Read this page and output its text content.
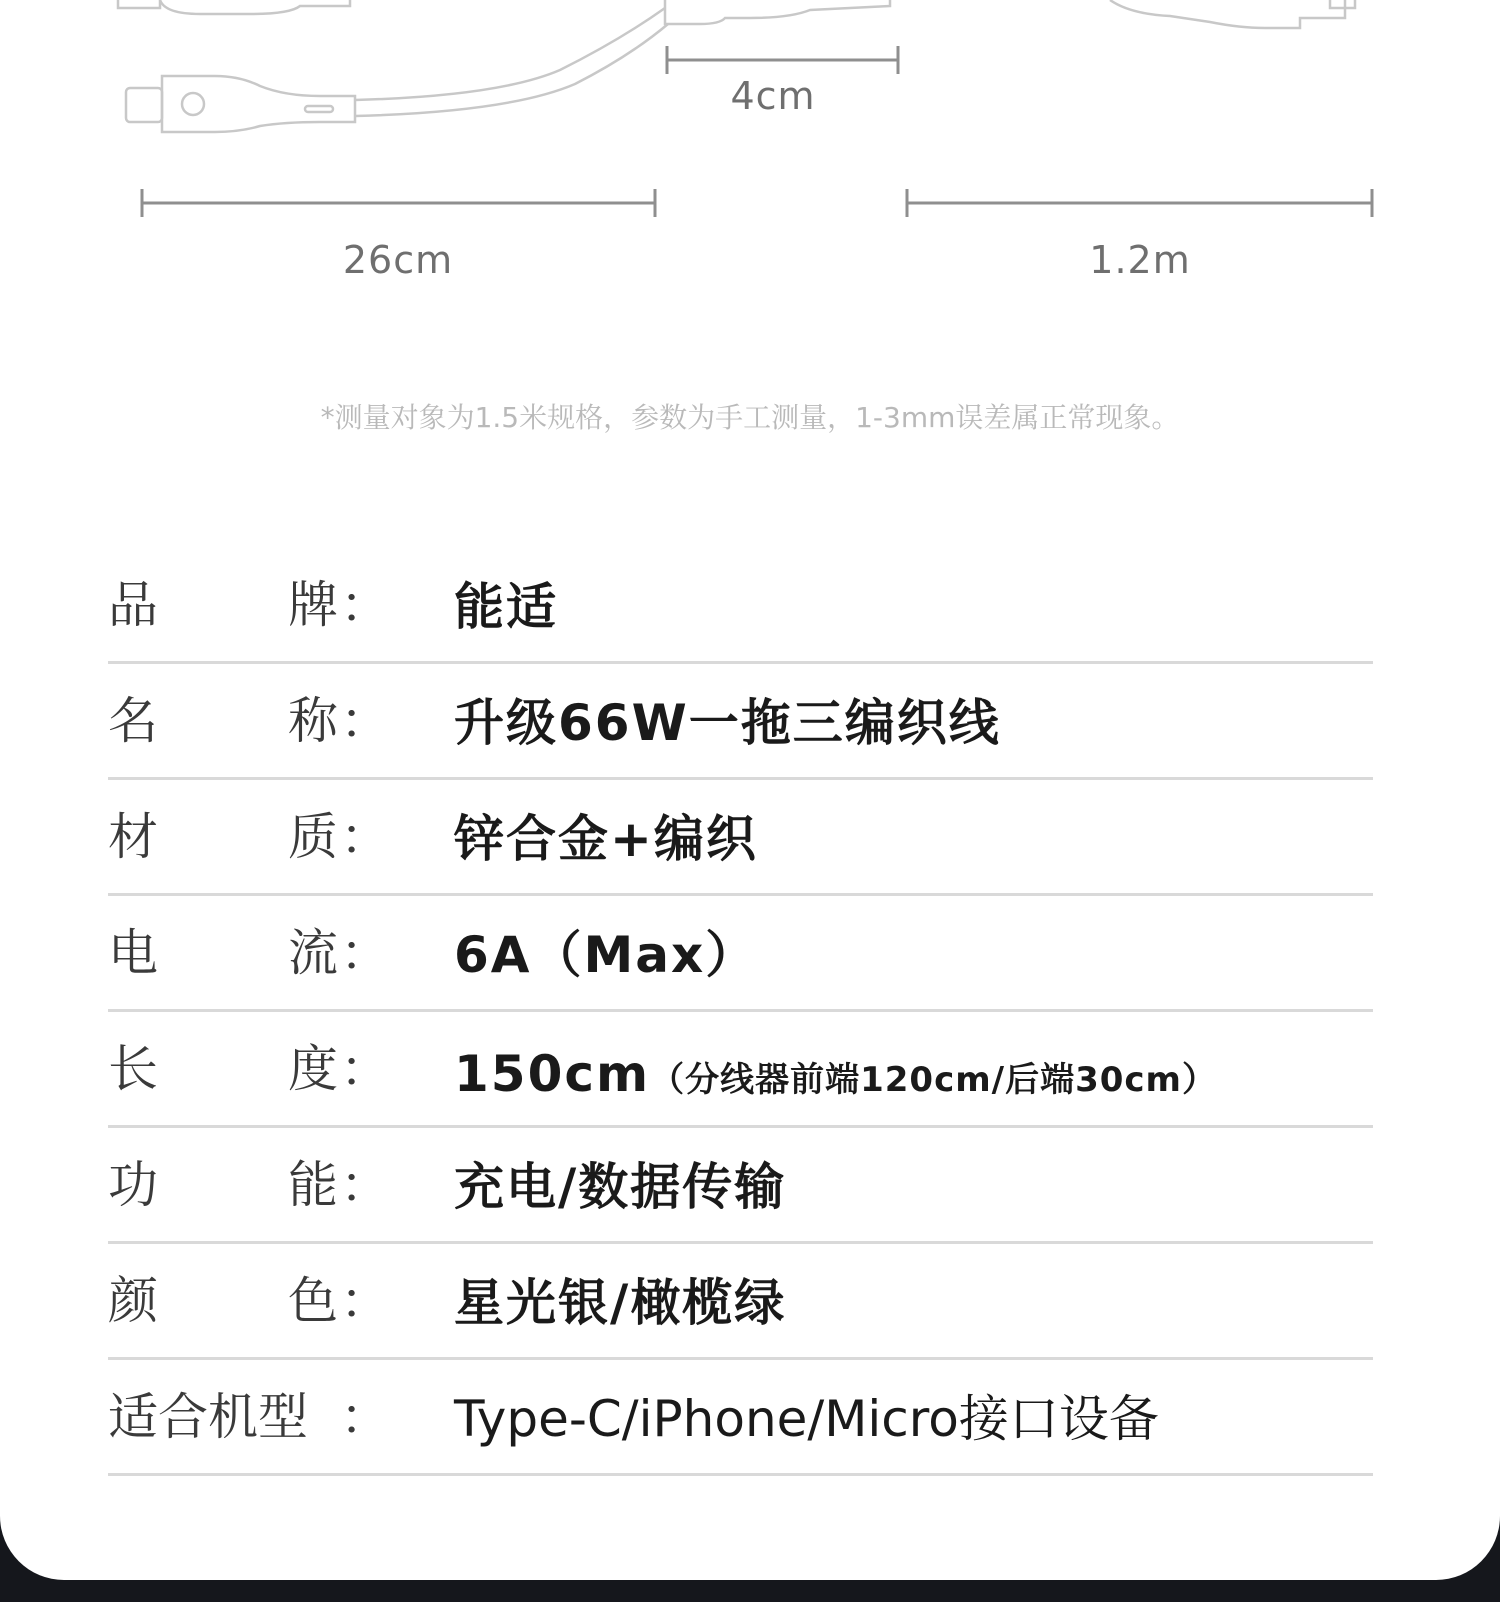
4cm
26cm	1.2m
*测量对象为1.5米规格，参数为手工测量，1-3mm误差属正常现象。
品	牌 ： 能适
名	称 ： 升级66W一拖三编织线
材	质 ： 锌合金+编织
电	流 ： 6A（Max）
长	度 ： 150cm（分线器前端120cm/后端30cm）
功	能 ： 充电/数据传输
颜	色 ： 星光银/橄榄绿
适合机型 ： Type-C/iPhone/Micro接口设备
